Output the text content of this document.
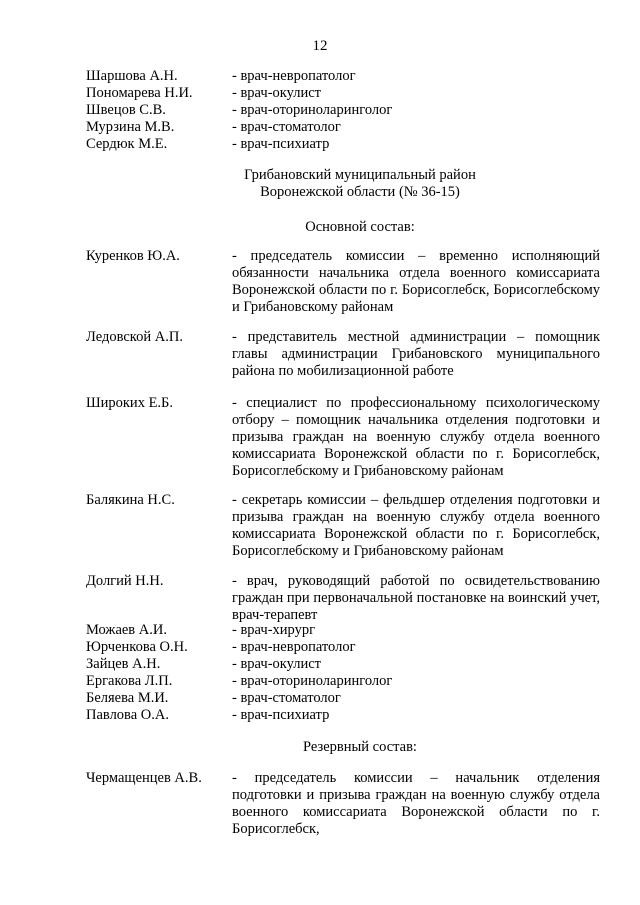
12
Шаршова А.Н.	- врач-невропатолог
Пономарева Н.И.	- врач-окулист
Швецов С.В.	- врач-оториноларинголог
Мурзина М.В.	- врач-стоматолог
Сердюк М.Е.	- врач-психиатр
Грибановский муниципальный район
Воронежской области (№ 36-15)
Основной состав:
Куренков Ю.А.	- председатель комиссии – временно исполняющий обязанности начальника отдела военного комиссариата Воронежской области по г. Борисоглебск, Борисоглебскому и Грибановскому районам
Ледовской А.П.	- представитель местной администрации – помощник главы администрации Грибановского муниципального района по мобилизационной работе
Широких Е.Б.	- специалист по профессиональному психологическому отбору – помощник начальника отделения подготовки и призыва граждан на военную службу отдела военного комиссариата Воронежской области по г. Борисоглебск, Борисоглебскому и Грибановскому районам
Балякина Н.С.	- секретарь комиссии – фельдшер отделения подготовки и призыва граждан на военную службу отдела военного комиссариата Воронежской области по г. Борисоглебск, Борисоглебскому и Грибановскому районам
Долгий Н.Н.	- врач, руководящий работой по освидетельствованию граждан при первоначальной постановке на воинский учет, врач-терапевт
Можаев А.И.	- врач-хирург
Юрченкова О.Н.	- врач-невропатолог
Зайцев А.Н.	- врач-окулист
Ергакова Л.П.	- врач-оториноларинголог
Беляева М.И.	- врач-стоматолог
Павлова О.А.	- врач-психиатр
Резервный состав:
Чермащенцев А.В. - председатель комиссии – начальник отделения подготовки и призыва граждан на военную службу отдела военного комиссариата Воронежской области по г. Борисоглебск,
